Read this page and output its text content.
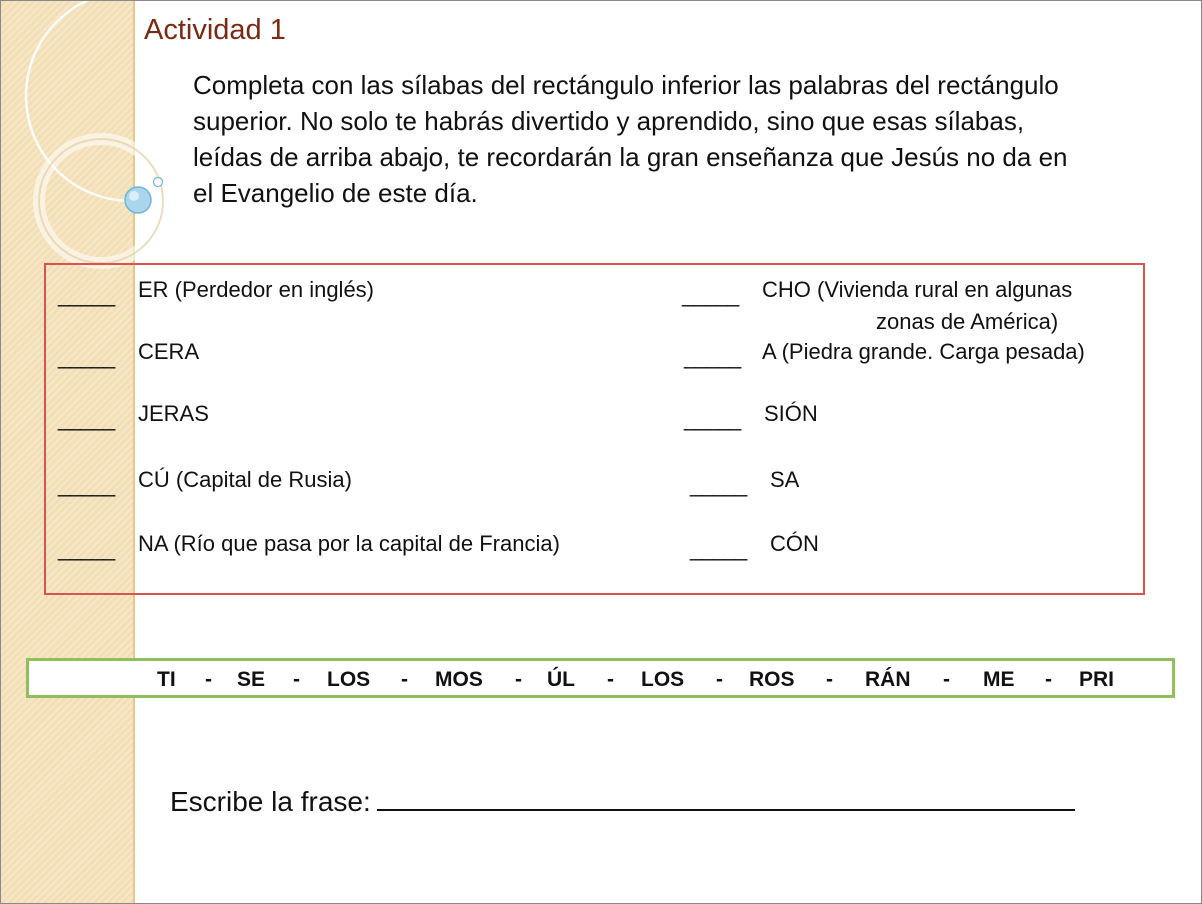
Actividad 1
Completa con las sílabas del rectángulo inferior las palabras del rectángulo superior. No solo te habrás divertido y aprendido, sino que esas sílabas, leídas de arriba abajo, te recordarán la gran enseñanza que Jesús no da en el Evangelio de este día.
_____ ER (Perdedor en inglés)
_____ CERA
_____ JERAS
_____ CÚ (Capital de Rusia)
_____ NA (Río que pasa por la capital de Francia)
_____ CHO (Vivienda rural en algunas
zonas de América)
_____ A (Piedra grande. Carga pesada)
_____ SIÓN
_____ SA
_____ CÓN
TI - SE - LOS - MOS - ÚL - LOS - ROS - RÁN - ME - PRI
Escribe la frase:
